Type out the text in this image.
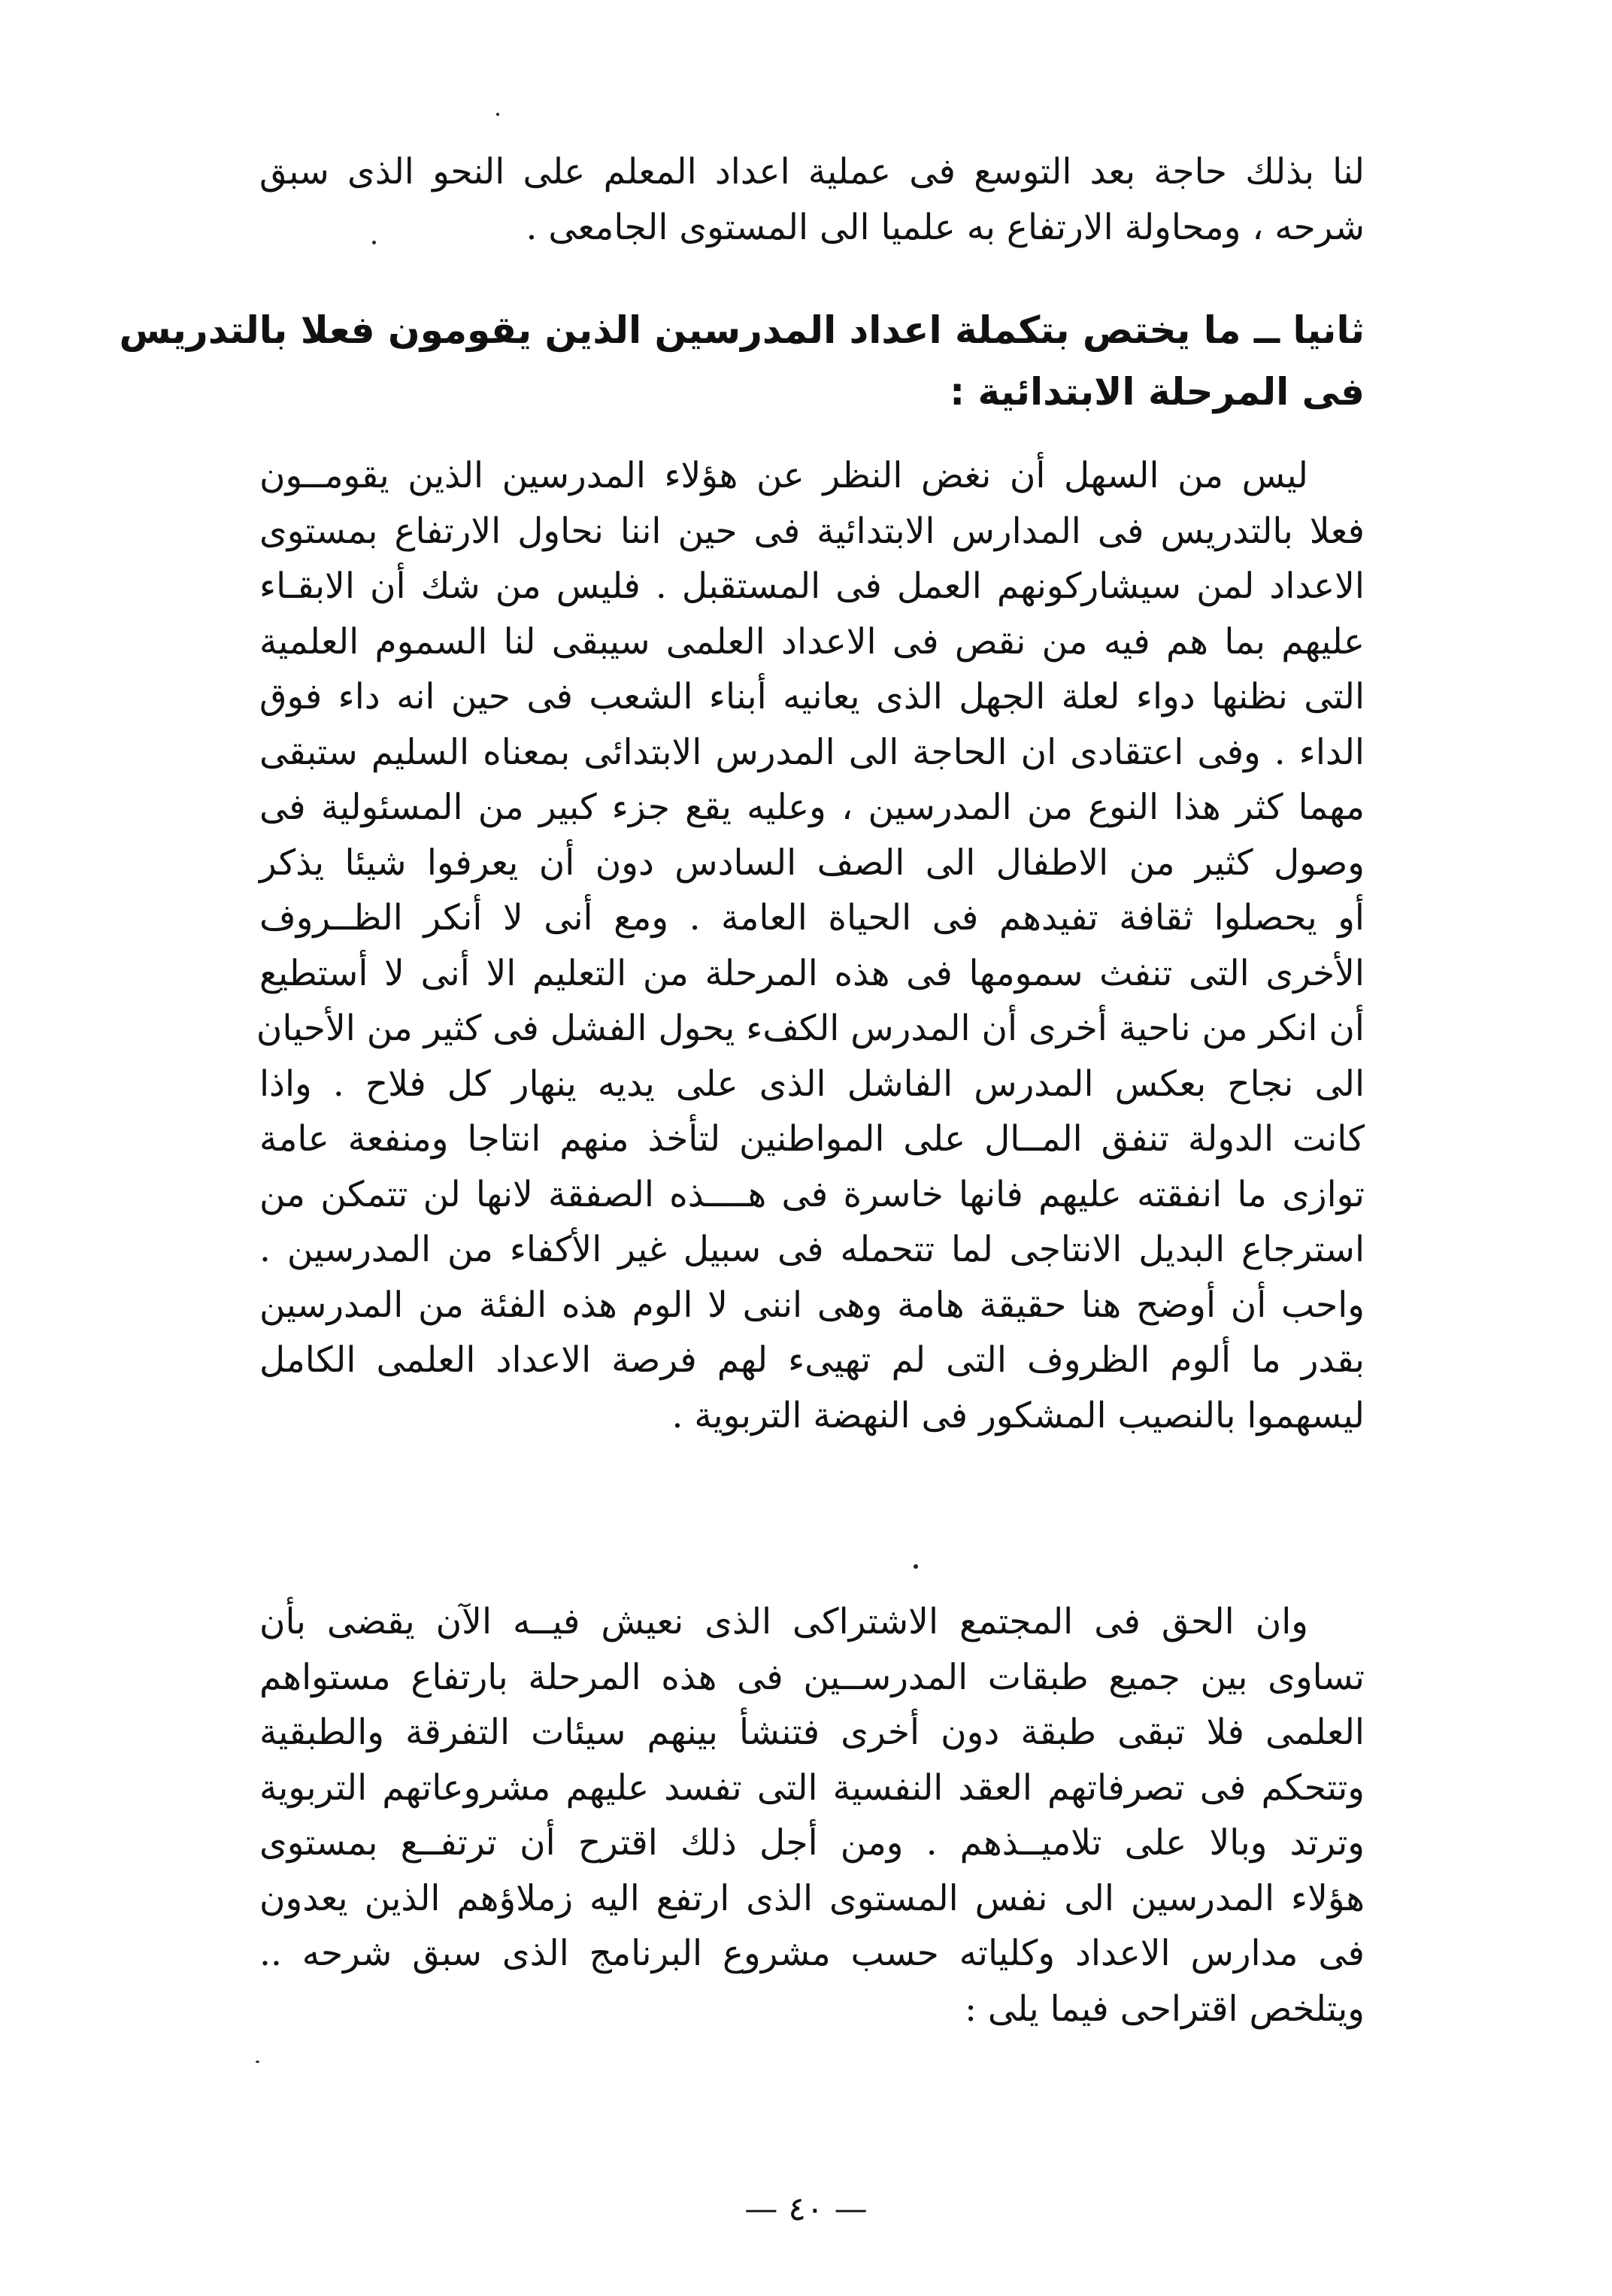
لنا بذلك حاجة بعد التوسع فى عملية اعداد المعلم على النحو الذى سبق

شرحه ، ومحاولة الارتفاع به علميا الى المستوى الجامعى .

ثانيا ــ ما يختص بتكملة اعداد المدرسين الذين يقومون فعلا بالتدريس

فى المرحلة الابتدائية :

ليس من السهل أن نغض النظر عن هؤلاء المدرسين الذين يقومــون

فعلا بالتدريس فى المدارس الابتدائية فى حين اننا نحاول الارتفاع بمستوى

الاعداد لمن سيشاركونهم العمل فى المستقبل . فليس من شك أن الابقـاء

عليهم بما هم فيه من نقص فى الاعداد العلمى سيبقى لنا السموم العلمية

التى نظنها دواء لعلة الجهل الذى يعانيه أبناء الشعب فى حين انه داء فوق

الداء . وفى اعتقادى ان الحاجة الى المدرس الابتدائى بمعناه السليم ستبقى

مهما كثر هذا النوع من المدرسين ، وعليه يقع جزء كبير من المسئولية فى

وصول كثير من الاطفال الى الصف السادس دون أن يعرفوا شيئا يذكر

أو يحصلوا ثقافة تفيدهم فى الحياة العامة . ومع أنى لا أنكر الظــروف

الأخرى التى تنفث سمومها فى هذه المرحلة من التعليم الا أنى لا أستطيع

أن انكر من ناحية أخرى أن المدرس الكفء يحول الفشل فى كثير من الأحيان

الى نجاح بعكس المدرس الفاشل الذى على يديه ينهار كل فلاح . واذا

كانت الدولة تنفق المــال على المواطنين لتأخذ منهم انتاجا ومنفعة عامة

توازى ما انفقته عليهم فانها خاسرة فى هــــذه الصفقة لانها لن تتمكن من

استرجاع البديل الانتاجى لما تتحمله فى سبيل غير الأكفاء من المدرسين .

واحب أن أوضح هنا حقيقة هامة وهى اننى لا الوم هذه الفئة من المدرسين

بقدر ما ألوم الظروف التى لم تهيىء لهم فرصة الاعداد العلمى الكامل

ليسهموا بالنصيب المشكور فى النهضة التربوية .

وان الحق فى المجتمع الاشتراكى الذى نعيش فيــه الآن يقضى بأن

تساوى بين جميع طبقات المدرســين فى هذه المرحلة بارتفاع مستواهم

العلمى فلا تبقى طبقة دون أخرى فتنشأ بينهم سيئات التفرقة والطبقية

وتتحكم فى تصرفاتهم العقد النفسية التى تفسد عليهم مشروعاتهم التربوية

وترتد وبالا على تلاميــذهم . ومن أجل ذلك اقترح أن ترتفــع بمستوى

هؤلاء المدرسين الى نفس المستوى الذى ارتفع اليه زملاؤهم الذين يعدون

فى مدارس الاعداد وكلياته حسب مشروع البرنامج الذى سبق شرحه ..

ويتلخص اقتراحى فيما يلى :

— ٤٠ —
